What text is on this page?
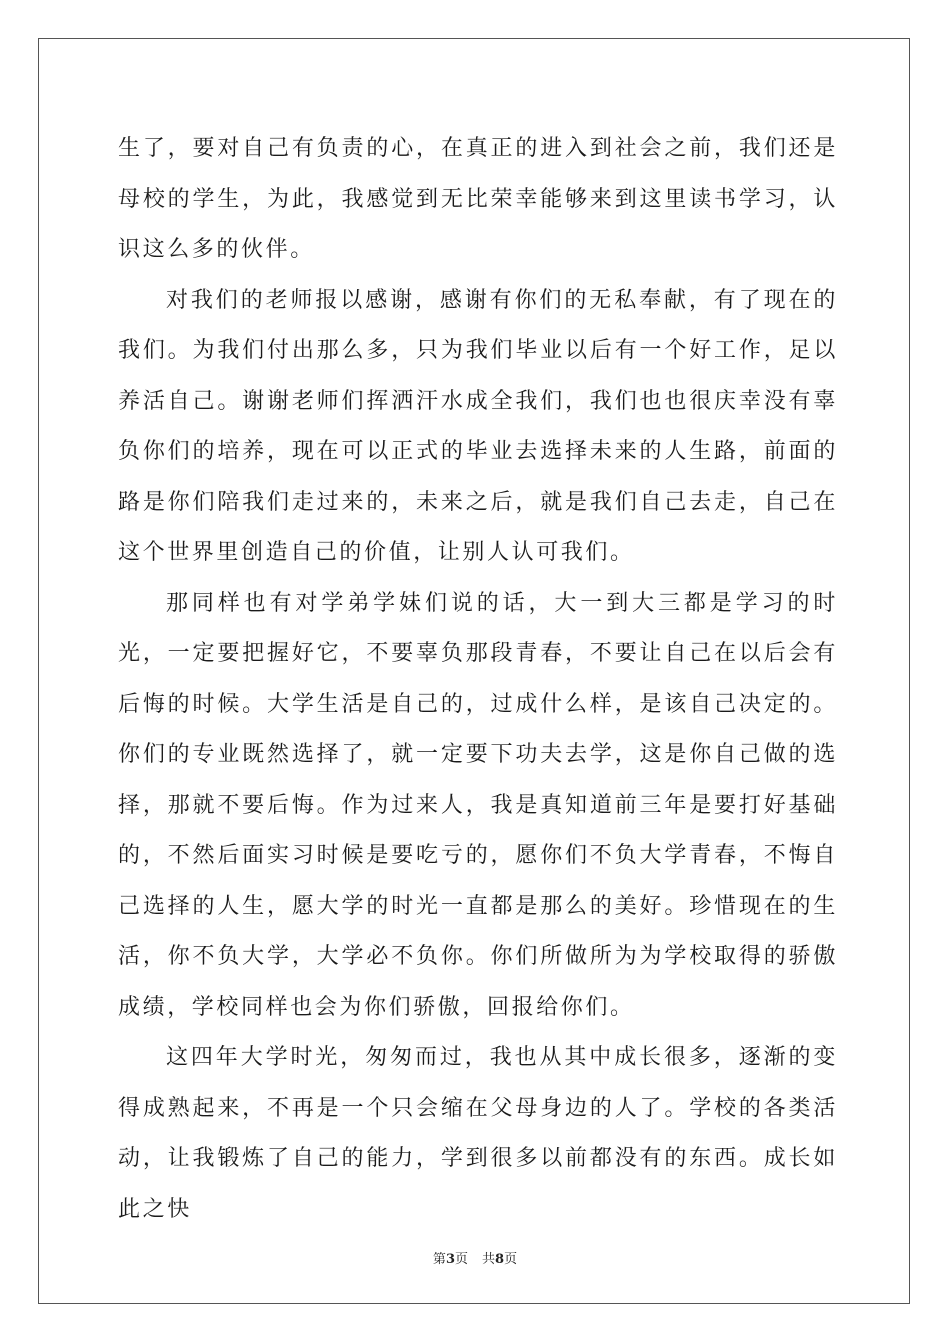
生了，要对自己有负责的心，在真正的进入到社会之前，我们还是母校的学生，为此，我感觉到无比荣幸能够来到这里读书学习，认识这么多的伙伴。

对我们的老师报以感谢，感谢有你们的无私奉献，有了现在的我们。为我们付出那么多，只为我们毕业以后有一个好工作，足以养活自己。谢谢老师们挥洒汗水成全我们，我们也也很庆幸没有辜负你们的培养，现在可以正式的毕业去选择未来的人生路，前面的路是你们陪我们走过来的，未来之后，就是我们自己去走，自己在这个世界里创造自己的价值，让别人认可我们。

那同样也有对学弟学妹们说的话，大一到大三都是学习的时光，一定要把握好它，不要辜负那段青春，不要让自己在以后会有后悔的时候。大学生活是自己的，过成什么样，是该自己决定的。你们的专业既然选择了，就一定要下功夫去学，这是你自己做的选择，那就不要后悔。作为过来人，我是真知道前三年是要打好基础的，不然后面实习时候是要吃亏的，愿你们不负大学青春，不悔自己选择的人生，愿大学的时光一直都是那么的美好。珍惜现在的生活，你不负大学，大学必不负你。你们所做所为为学校取得的骄傲成绩，学校同样也会为你们骄傲，回报给你们。

这四年大学时光，匆匆而过，我也从其中成长很多，逐渐的变得成熟起来，不再是一个只会缩在父母身边的人了。学校的各类活动，让我锻炼了自己的能力，学到很多以前都没有的东西。成长如此之快

第3页 共8页
